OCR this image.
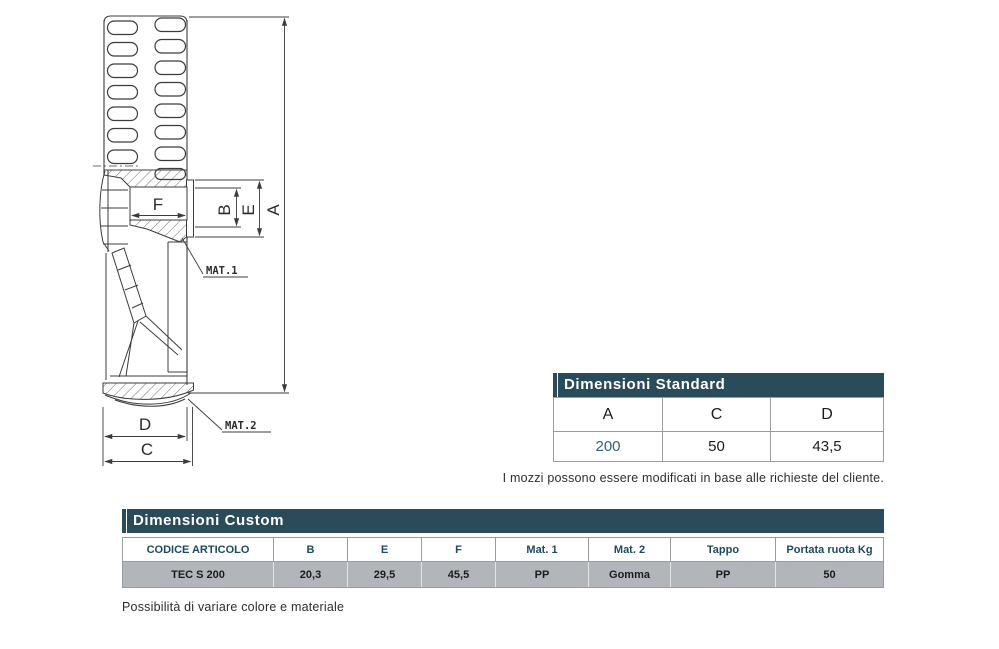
F	B E A
D
C
MAT.1
MAT.2
Dimensioni Standard
A	C	D
200	50	43,5
I mozzi possono essere modificati in base alle richieste del cliente.
Dimensioni Custom
CODICE ARTICOLO	B	E	F	Mat. 1	Mat. 2	Tappo	Portata ruota Kg
TEC S 200	20,3	29,5	45,5	PP	Gomma	PP	50
Possibilità di variare colore e materiale
